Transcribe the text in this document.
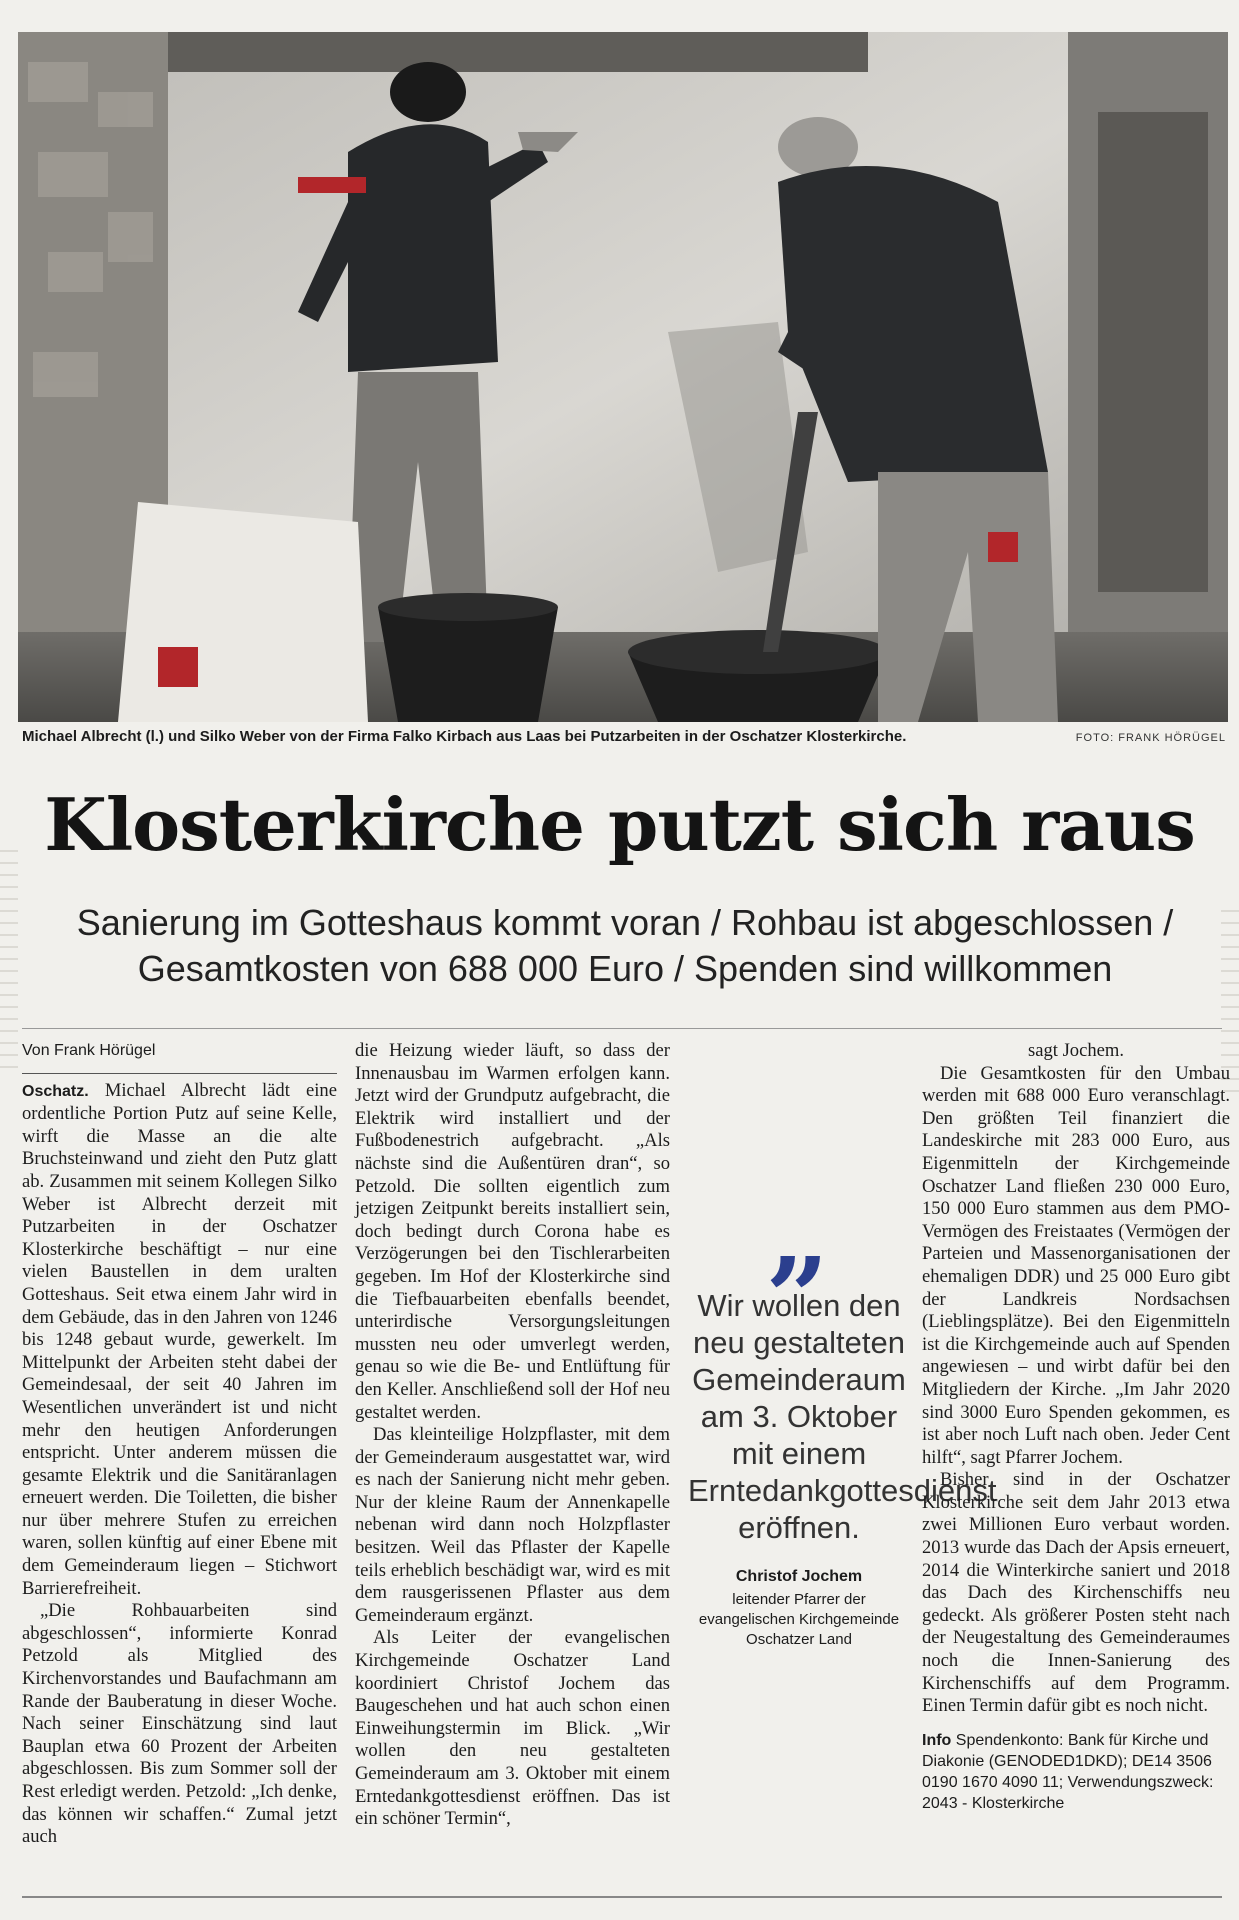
Michael Albrecht (l.) und Silko Weber von der Firma Falko Kirbach aus Laas bei Putzarbeiten in der Oschatzer Klosterkirche.	FOTO: FRANK HÖRÜGEL
Klosterkirche putzt sich raus
Sanierung im Gotteshaus kommt voran / Rohbau ist abgeschlossen /
Gesamtkosten von 688 000 Euro / Spenden sind willkommen
Von Frank Hörügel

Oschatz. Michael Albrecht lädt eine ordentliche Portion Putz auf seine Kelle, wirft die Masse an die alte Bruchsteinwand und zieht den Putz glatt ab. Zusammen mit seinem Kollegen Silko Weber ist Albrecht derzeit mit Putzarbeiten in der Oschatzer Klosterkirche beschäftigt – nur eine vielen Baustellen in dem uralten Gotteshaus. Seit etwa einem Jahr wird in dem Gebäude, das in den Jahren von 1246 bis 1248 gebaut wurde, gewerkelt. Im Mittelpunkt der Arbeiten steht dabei der Gemeindesaal, der seit 40 Jahren im Wesentlichen unverändert ist und nicht mehr den heutigen Anforderungen entspricht. Unter anderem müssen die gesamte Elektrik und die Sanitäranlagen erneuert werden. Die Toiletten, die bisher nur über mehrere Stufen zu erreichen waren, sollen künftig auf einer Ebene mit dem Gemeinderaum liegen – Stichwort Barrierefreiheit.

„Die Rohbauarbeiten sind abgeschlossen“, informierte Konrad Petzold als Mitglied des Kirchenvorstandes und Baufachmann am Rande der Bauberatung in dieser Woche. Nach seiner Einschätzung sind laut Bauplan etwa 60 Prozent der Arbeiten abgeschlossen. Bis zum Sommer soll der Rest erledigt werden. Petzold: „Ich denke, das können wir schaffen.“ Zumal jetzt auch

die Heizung wieder läuft, so dass der Innenausbau im Warmen erfolgen kann. Jetzt wird der Grundputz aufgebracht, die Elektrik wird installiert und der Fußbodenestrich aufgebracht. „Als nächste sind die Außentüren dran“, so Petzold. Die sollten eigentlich zum jetzigen Zeitpunkt bereits installiert sein, doch bedingt durch Corona habe es Verzögerungen bei den Tischlerarbeiten gegeben. Im Hof der Klosterkirche sind die Tiefbauarbeiten ebenfalls beendet, unterirdische Versorgungsleitungen mussten neu oder umverlegt werden, genau so wie die Be- und Entlüftung für den Keller. Anschließend soll der Hof neu gestaltet werden.

Das kleinteilige Holzpflaster, mit dem der Gemeinderaum ausgestattet war, wird es nach der Sanierung nicht mehr geben. Nur der kleine Raum der Annenkapelle nebenan wird dann noch Holzpflaster besitzen. Weil das Pflaster der Kapelle teils erheblich beschädigt war, wird es mit dem rausgerissenen Pflaster aus dem Gemeinderaum ergänzt.

Als Leiter der evangelischen Kirchgemeinde Oschatzer Land koordiniert Christof Jochem das Baugeschehen und hat auch schon einen Einweihungstermin im Blick. „Wir wollen den neu gestalteten Gemeinderaum am 3. Oktober mit einem Erntedankgottesdienst eröffnen. Das ist ein schöner Termin“,

„
Wir wollen den neu gestalteten Gemeinderaum am 3. Oktober mit einem Erntedankgottesdienst eröffnen.
Christof Jochem
leitender Pfarrer der evangelischen Kirchgemeinde Oschatzer Land

sagt Jochem.

Die Gesamtkosten für den Umbau werden mit 688 000 Euro veranschlagt. Den größten Teil finanziert die Landeskirche mit 283 000 Euro, aus Eigenmitteln der Kirchgemeinde Oschatzer Land fließen 230 000 Euro, 150 000 Euro stammen aus dem PMO-Vermögen des Freistaates (Vermögen der Parteien und Massenorganisationen der ehemaligen DDR) und 25 000 Euro gibt der Landkreis Nordsachsen (Lieblingsplätze). Bei den Eigenmitteln ist die Kirchgemeinde auch auf Spenden angewiesen – und wirbt dafür bei den Mitgliedern der Kirche. „Im Jahr 2020 sind 3000 Euro Spenden gekommen, es ist aber noch Luft nach oben. Jeder Cent hilft“, sagt Pfarrer Jochem.

Bisher sind in der Oschatzer Klosterkirche seit dem Jahr 2013 etwa zwei Millionen Euro verbaut worden. 2013 wurde das Dach der Apsis erneuert, 2014 die Winterkirche saniert und 2018 das Dach des Kirchenschiffs neu gedeckt. Als größerer Posten steht nach der Neugestaltung des Gemeinderaumes noch die Innen-Sanierung des Kirchenschiffs auf dem Programm. Einen Termin dafür gibt es noch nicht.

Info Spendenkonto: Bank für Kirche und Diakonie (GENODED1DKD); DE14 3506 0190 1670 4090 11; Verwendungszweck: 2043 - Klosterkirche
